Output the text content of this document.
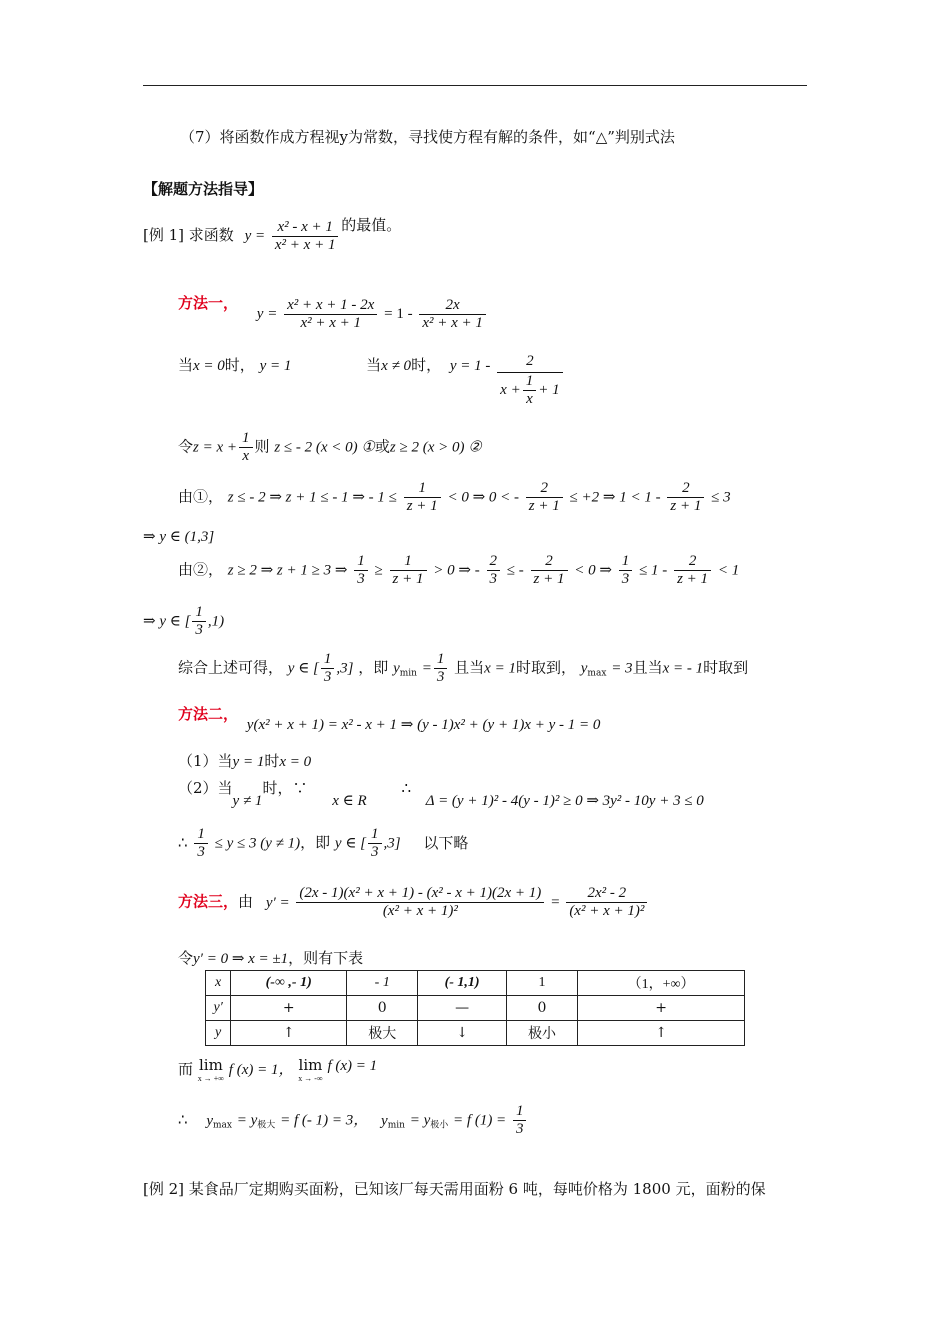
（7）将函数作成方程视y为常数，寻找使方程有解的条件，如“△”判别式法
【解题方法指导】
[例 1] 求函数 $y = \frac{\text{x² - x + 1}}{\text{x² + x + 1}}$ 的最值。
方法一， $y = \frac{\text{x² + x + 1 - 2x}}{\text{x² + x + 1}} = 1 - \frac{2x}{\text{x² + x + 1}}$
当x = 0时， y = 1	当x ≠ 0时， $y = 1 - \frac{2}{x + \frac{1}{x} + 1}$
令$z = x + \frac{1}{x}$ 则 z ≤ - 2 (x < 0) ①或z ≥ 2 (x > 0) ②
由①， z ≤ - 2 ⇒ z + 1 ≤ - 1 ⇒ - $1 \le \frac{1}{z + 1} < 0$ ⇒ 0 < - $\frac{2}{z + 1} \le +2$ ⇒ $1 < 1 - \frac{2}{z + 1} \le 3$
⇒ y ∈ (1,3]
由②， z ≥ 2 ⇒ z + 1 ≥ 3 ⇒ $\frac{1}{3} \ge \frac{1}{z + 1} > 0$ ⇒ - $\frac{2}{3}$ ≤ - $\frac{2}{z + 1} < 0$ ⇒ $\frac{1}{3} \le 1 - \frac{2}{z + 1} < 1$
⇒ y ∈ [ $\frac{1}{3} ,1$)
综合上述可得， y ∈ [ $\frac{1}{3} ,3$] ，即 $y_{min} = \frac{1}{3}$ 且当x = 1时取到， $y_{max} = 3$且当x = - 1时取到
方法二， y(x² + x + 1) = x² - x + 1 ⇒ (y - 1)x² + (y + 1)x + y - 1 = 0
（1）当y = 1时x = 0
（2）当y ≠ 1时，∵ x ∈ R ∴ Δ = (y + 1)² - 4(y - 1)² ≥ 0 ⇒ 3y² - 10y + 3 ≤ 0
∴ $\frac{1}{3} \le y \le 3$ (y ≠ 1)，即 y ∈ [ $\frac{1}{3} ,3$] 以下略
方法三，由 $y' = \frac{\text{(2x - 1)(x² + x + 1) - (x² - x + 1)(2x + 1)}}{\text{(x² + x + 1)²}} = \frac{\text{2x² - 2}}{\text{(x² + x + 1)²}}$
令y′ = 0 ⇒ x = ±1，则有下表
x	(-∞ ,- 1)	- 1	(- 1,1)	1	（1，+∞）
y′	+	0	—	0	+
y	↑	极大	↓	极小	↑
而 lim
x → +∞
f (x) = 1， lim
x → -∞
f (x) = 1
∴ $y_{max} = y_{极大} = f$ (- 1) = 3， $y_{min} = y_{极小} = f$ $(1) = \frac{1}{3}$
[例 2] 某食品厂定期购买面粉，已知该厂每天需用面粉 6 吨，每吨价格为 1800 元，面粉的保
